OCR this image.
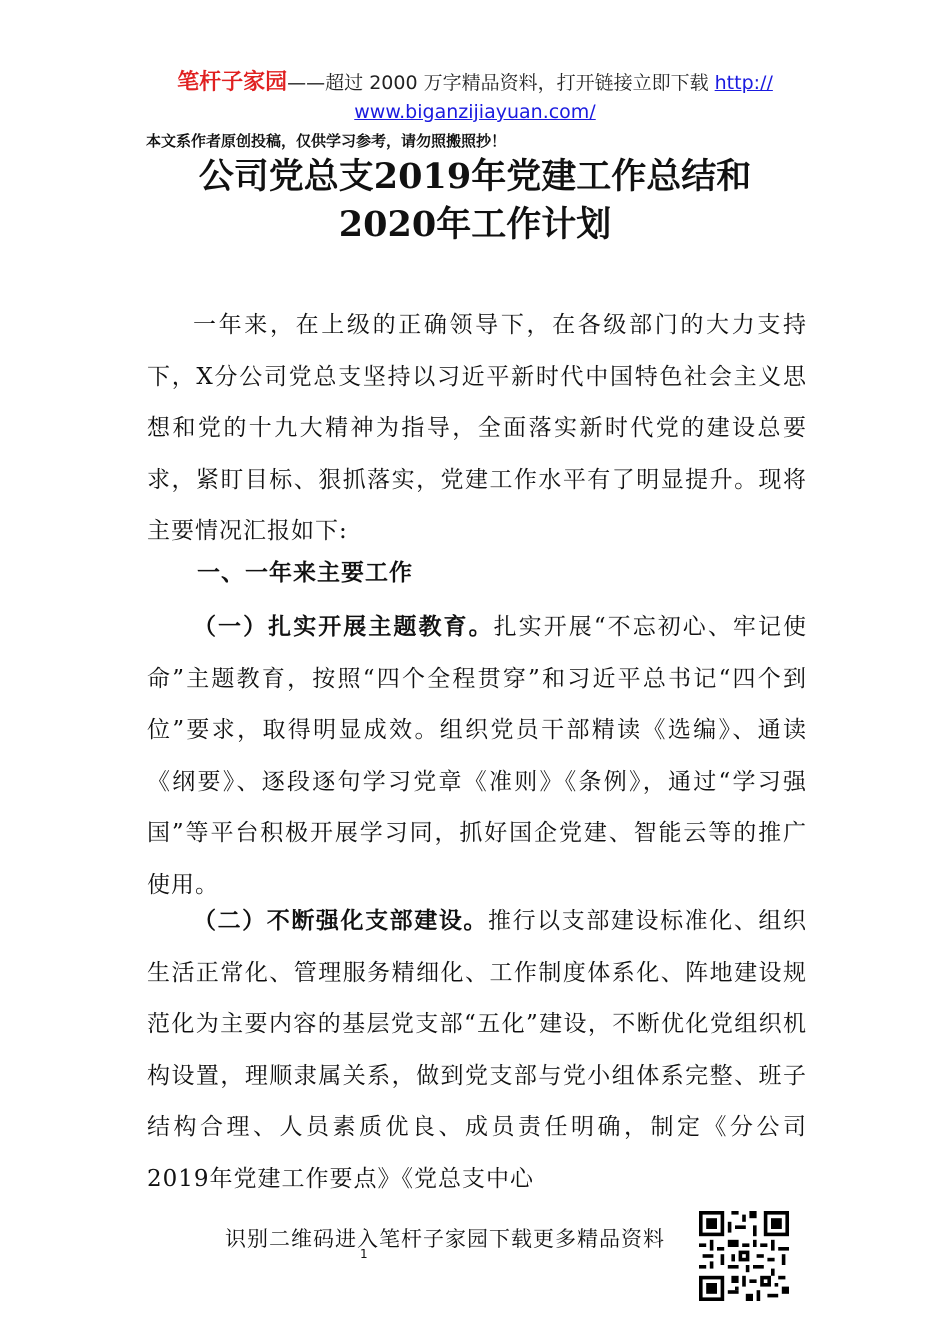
笔杆子家园——超过 2000 万字精品资料，打开链接立即下载 http://
www.biganzijiayuan.com/
本文系作者原创投稿，仅供学习参考，请勿照搬照抄！
公司党总支2019年党建工作总结和
2020年工作计划

一年来，在上级的正确领导下，在各级部门的大力支持下，X分公司党总支坚持以习近平新时代中国特色社会主义思想和党的十九大精神为指导，全面落实新时代党的建设总要求，紧盯目标、狠抓落实，党建工作水平有了明显提升。现将主要情况汇报如下:

一、一年来主要工作

（一）扎实开展主题教育。扎实开展“不忘初心、牢记使命”主题教育，按照“四个全程贯穿”和习近平总书记“四个到位”要求，取得明显成效。组织党员干部精读《选编》、通读《纲要》、逐段逐句学习党章《准则》《条例》，通过“学习强国”等平台积极开展学习同，抓好国企党建、智能云等的推广使用。

（二）不断强化支部建设。推行以支部建设标准化、组织生活正常化、管理服务精细化、工作制度体系化、阵地建设规范化为主要内容的基层党支部“五化”建设，不断优化党组织机构设置，理顺隶属关系，做到党支部与党小组体系完整、班子结构合理、人员素质优良、成员责任明确，制定《分公司2019年党建工作要点》《党总支中心

识别二维码进入笔杆子家园下载更多精品资料
1
